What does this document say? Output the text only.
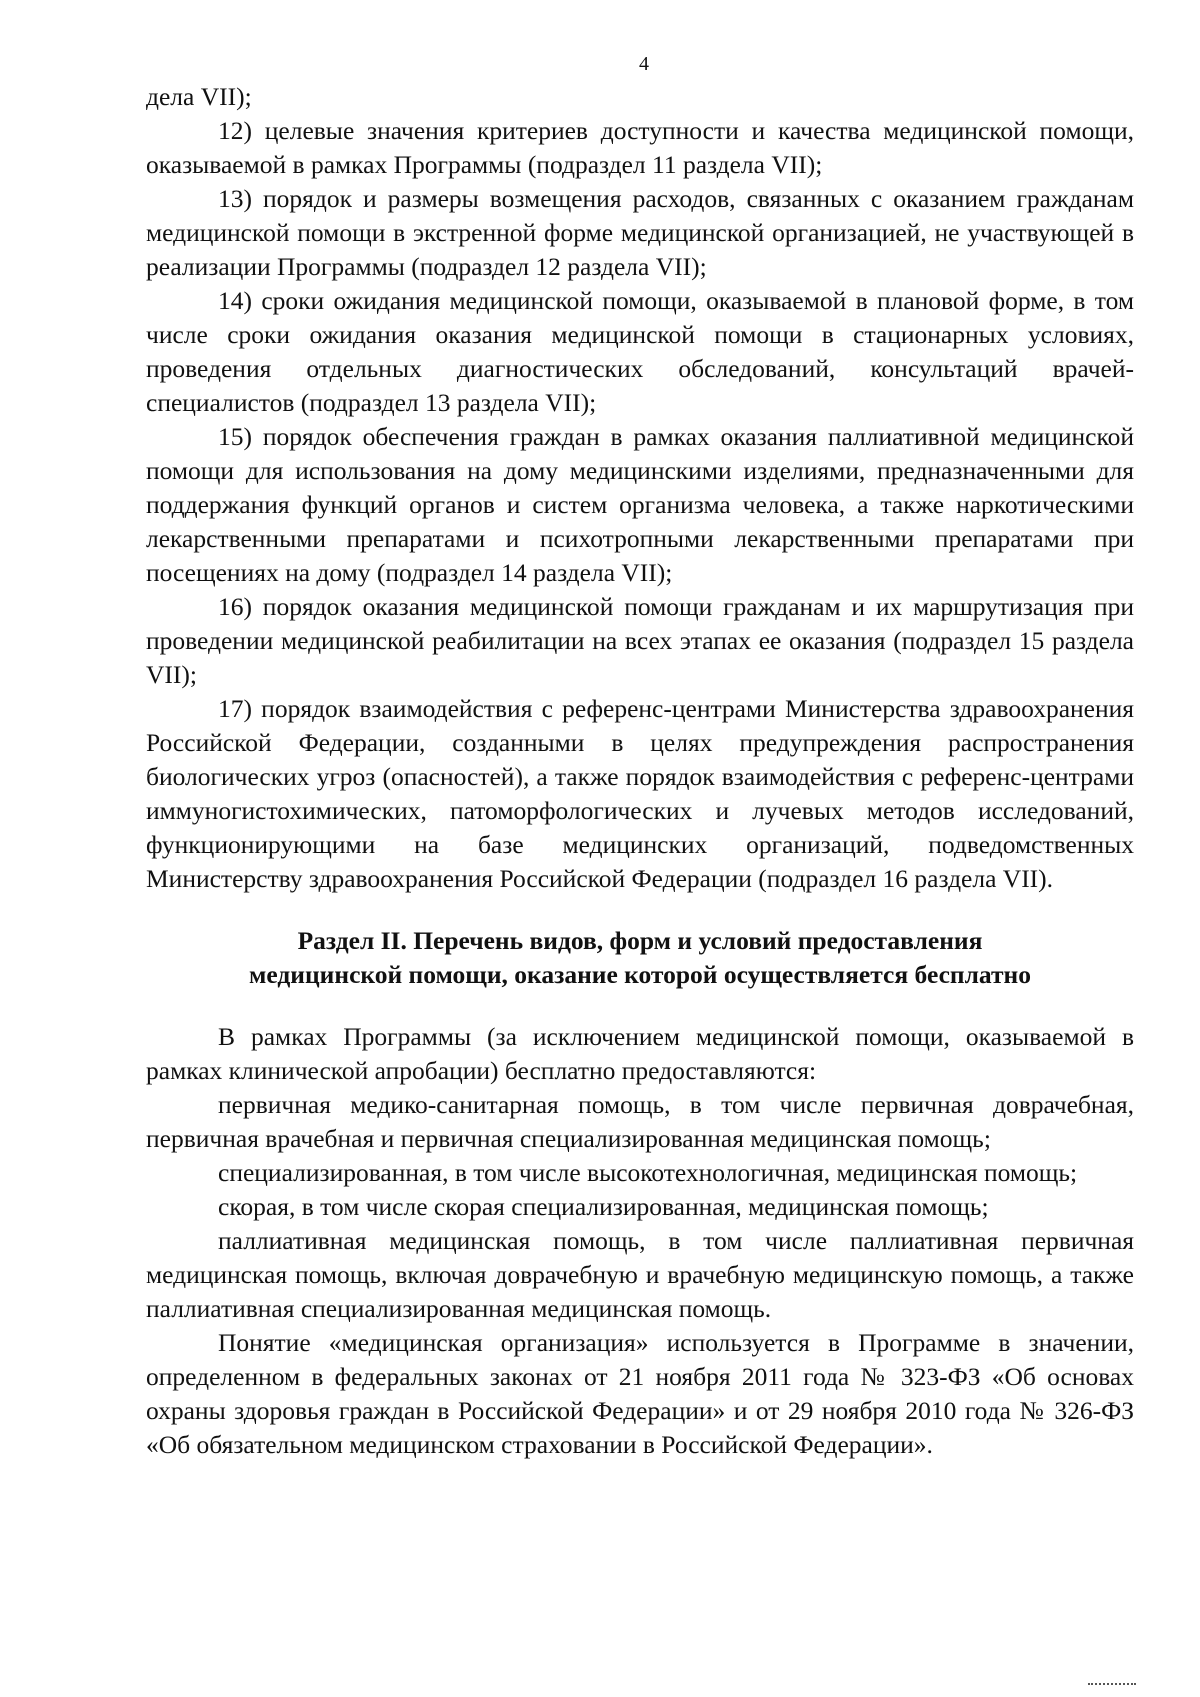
4

дела VII);

12) целевые значения критериев доступности и качества медицинской помощи, оказываемой в рамках Программы (подраздел 11 раздела VII);

13) порядок и размеры возмещения расходов, связанных с оказанием гражданам медицинской помощи в экстренной форме медицинской организацией, не участвующей в реализации Программы (подраздел 12 раздела VII);

14) сроки ожидания медицинской помощи, оказываемой в плановой форме, в том числе сроки ожидания оказания медицинской помощи в стационарных условиях, проведения отдельных диагностических обследований, консультаций врачей-специалистов (подраздел 13 раздела VII);

15) порядок обеспечения граждан в рамках оказания паллиативной медицинской помощи для использования на дому медицинскими изделиями, предназначенными для поддержания функций органов и систем организма человека, а также наркотическими лекарственными препаратами и психотропными лекарственными препаратами при посещениях на дому (подраздел 14 раздела VII);

16) порядок оказания медицинской помощи гражданам и их маршрутизация при проведении медицинской реабилитации на всех этапах ее оказания (подраздел 15 раздела VII);

17) порядок взаимодействия с референс-центрами Министерства здравоохранения Российской Федерации, созданными в целях предупреждения распространения биологических угроз (опасностей), а также порядок взаимодействия с референс-центрами иммуногистохимических, патоморфологических и лучевых методов исследований, функционирующими на базе медицинских организаций, подведомственных Министерству здравоохранения Российской Федерации (подраздел 16 раздела VII).

Раздел II. Перечень видов, форм и условий предоставления
медицинской помощи, оказание которой осуществляется бесплатно

В рамках Программы (за исключением медицинской помощи, оказываемой в рамках клинической апробации) бесплатно предоставляются:

первичная медико-санитарная помощь, в том числе первичная доврачебная, первичная врачебная и первичная специализированная медицинская помощь;

специализированная, в том числе высокотехнологичная, медицинская помощь;

скорая, в том числе скорая специализированная, медицинская помощь;

паллиативная медицинская помощь, в том числе паллиативная первичная медицинская помощь, включая доврачебную и врачебную медицинскую помощь, а также паллиативная специализированная медицинская помощь.

Понятие «медицинская организация» используется в Программе в значении, определенном в федеральных законах от 21 ноября 2011 года № 323-ФЗ «Об основах охраны здоровья граждан в Российской Федерации» и от 29 ноября 2010 года № 326-ФЗ «Об обязательном медицинском страховании в Российской Федерации».
